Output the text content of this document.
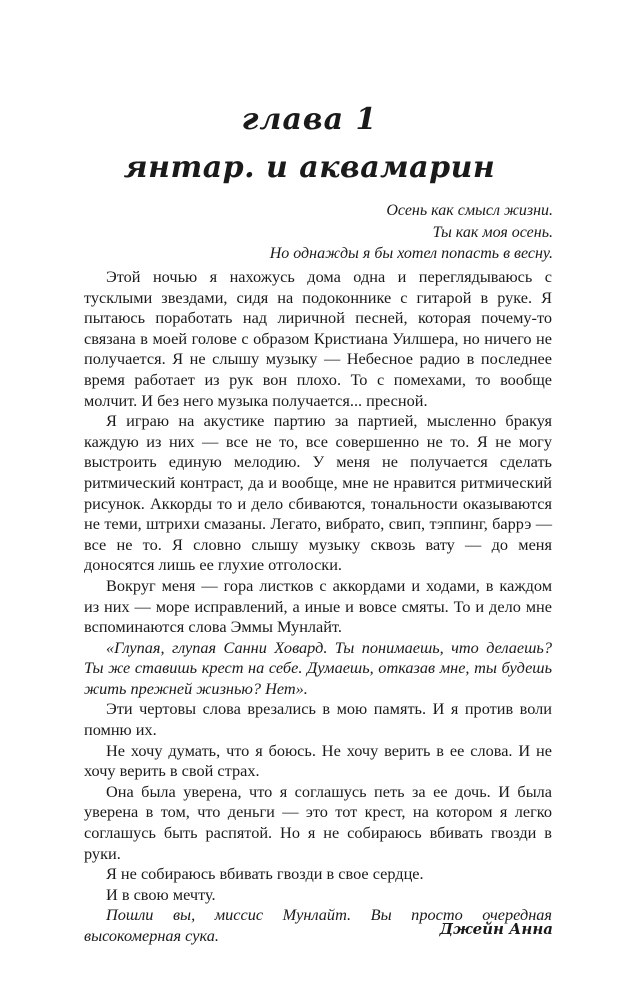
глава 1
янтар. и аквамарин
Осень как смысл жизни.
Ты как моя осень.
Но однажды я бы хотел попасть в весну.

Этой ночью я нахожусь дома одна и переглядываюсь с тусклыми звездами, сидя на подоконнике с гитарой в руке. Я пытаюсь поработать над лиричной песней, которая почему-то связана в моей голове с образом Кристиана Уилшера, но ничего не получается. Я не слышу музыку — Небесное радио в последнее время работает из рук вон плохо. То с помехами, то вообще молчит. И без него музыка получается... пресной.

Я играю на акустике партию за партией, мысленно бракуя каждую из них — все не то, все совершенно не то. Я не могу выстроить единую мелодию. У меня не получается сделать ритмический контраст, да и вообще, мне не нравится ритмический рисунок. Аккорды то и дело сбиваются, тональности оказываются не теми, штрихи смазаны. Легато, вибрато, свип, тэппинг, баррэ — все не то. Я словно слышу музыку сквозь вату — до меня доносятся лишь ее глухие отголоски.

Вокруг меня — гора листков с аккордами и ходами, в каждом из них — море исправлений, а иные и вовсе смяты. То и дело мне вспоминаются слова Эммы Мунлайт.

«Глупая, глупая Санни Ховард. Ты понимаешь, что делаешь? Ты же ставишь крест на себе. Думаешь, отказав мне, ты будешь жить прежней жизнью? Нет».

Эти чертовы слова врезались в мою память. И я против воли помню их.

Не хочу думать, что я боюсь. Не хочу верить в ее слова. И не хочу верить в свой страх.

Она была уверена, что я соглашусь петь за ее дочь. И была уверена в том, что деньги — это тот крест, на котором я легко соглашусь быть распятой. Но я не собираюсь вбивать гвозди в руки.

Я не собираюсь вбивать гвозди в свое сердце.

И в свою мечту.

Пошли вы, миссис Мунлайт. Вы просто очередная высокомерная сука.	Джейн Анна
